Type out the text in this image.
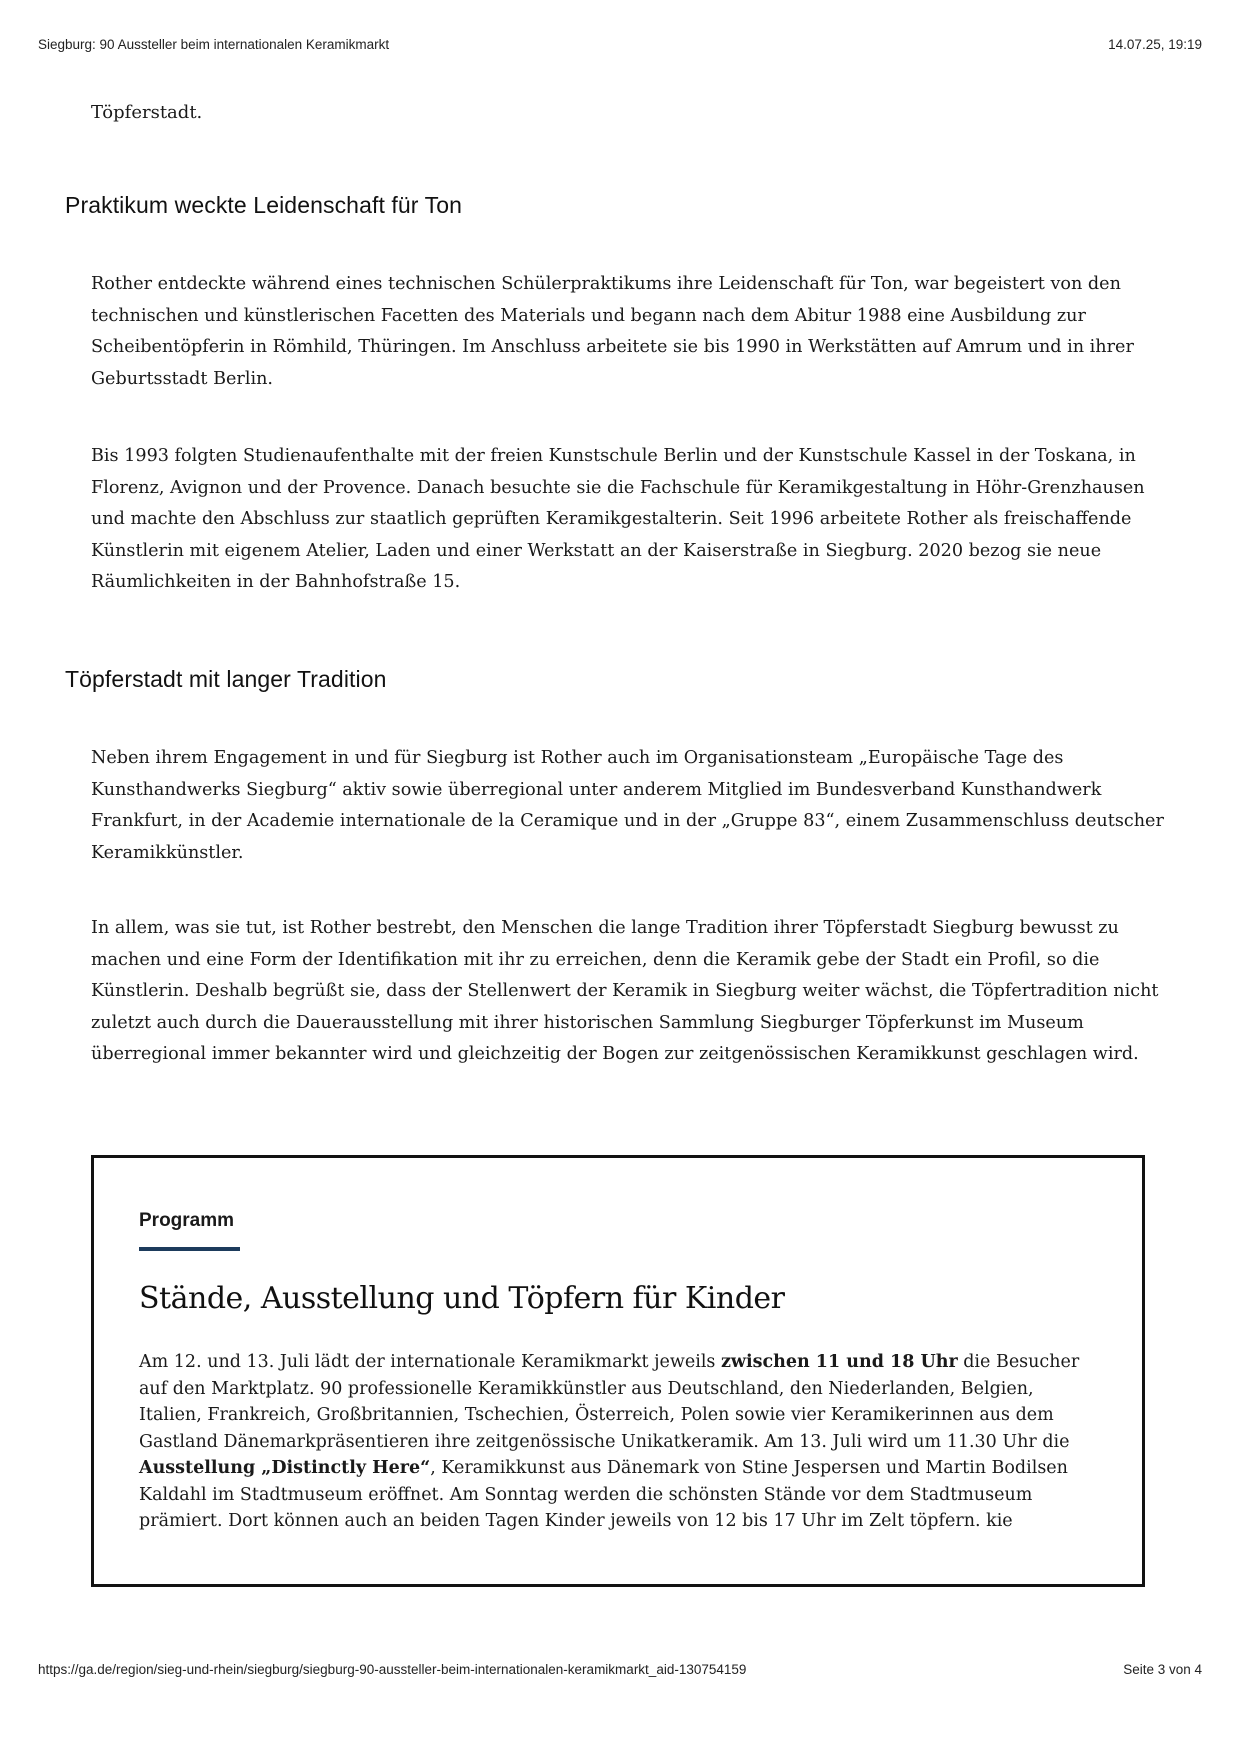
Siegburg: 90 Aussteller beim internationalen Keramikmarkt	14.07.25, 19:19

Töpferstadt.

Praktikum weckte Leidenschaft für Ton

Rother entdeckte während eines technischen Schülerpraktikums ihre Leidenschaft für Ton, war begeistert von den technischen und künstlerischen Facetten des Materials und begann nach dem Abitur 1988 eine Ausbildung zur Scheibentöpferin in Römhild, Thüringen. Im Anschluss arbeitete sie bis 1990 in Werkstätten auf Amrum und in ihrer Geburtsstadt Berlin.

Bis 1993 folgten Studienaufenthalte mit der freien Kunstschule Berlin und der Kunstschule Kassel in der Toskana, in Florenz, Avignon und der Provence. Danach besuchte sie die Fachschule für Keramikgestaltung in Höhr-Grenzhausen und machte den Abschluss zur staatlich geprüften Keramikgestalterin. Seit 1996 arbeitete Rother als freischaffende Künstlerin mit eigenem Atelier, Laden und einer Werkstatt an der Kaiserstraße in Siegburg. 2020 bezog sie neue Räumlichkeiten in der Bahnhofstraße 15.

Töpferstadt mit langer Tradition

Neben ihrem Engagement in und für Siegburg ist Rother auch im Organisationsteam „Europäische Tage des Kunsthandwerks Siegburg“ aktiv sowie überregional unter anderem Mitglied im Bundesverband Kunsthandwerk Frankfurt, in der Academie internationale de la Ceramique und in der „Gruppe 83“, einem Zusammenschluss deutscher Keramikkünstler.

In allem, was sie tut, ist Rother bestrebt, den Menschen die lange Tradition ihrer Töpferstadt Siegburg bewusst zu machen und eine Form der Identifikation mit ihr zu erreichen, denn die Keramik gebe der Stadt ein Profil, so die Künstlerin. Deshalb begrüßt sie, dass der Stellenwert der Keramik in Siegburg weiter wächst, die Töpfertradition nicht zuletzt auch durch die Dauerausstellung mit ihrer historischen Sammlung Siegburger Töpferkunst im Museum überregional immer bekannter wird und gleichzeitig der Bogen zur zeitgenössischen Keramikkunst geschlagen wird.

Programm

Stände, Ausstellung und Töpfern für Kinder

Am 12. und 13. Juli lädt der internationale Keramikmarkt jeweils zwischen 11 und 18 Uhr die Besucher auf den Marktplatz. 90 professionelle Keramikkünstler aus Deutschland, den Niederlanden, Belgien, Italien, Frankreich, Großbritannien, Tschechien, Österreich, Polen sowie vier Keramikerinnen aus dem Gastland Dänemarkpräsentieren ihre zeitgenössische Unikatkeramik. Am 13. Juli wird um 11.30 Uhr die Ausstellung „Distinctly Here“, Keramikkunst aus Dänemark von Stine Jespersen und Martin Bodilsen Kaldahl im Stadtmuseum eröffnet. Am Sonntag werden die schönsten Stände vor dem Stadtmuseum prämiert. Dort können auch an beiden Tagen Kinder jeweils von 12 bis 17 Uhr im Zelt töpfern. kie

https://ga.de/region/sieg-und-rhein/siegburg/siegburg-90-aussteller-beim-internationalen-keramikmarkt_aid-130754159	Seite 3 von 4
